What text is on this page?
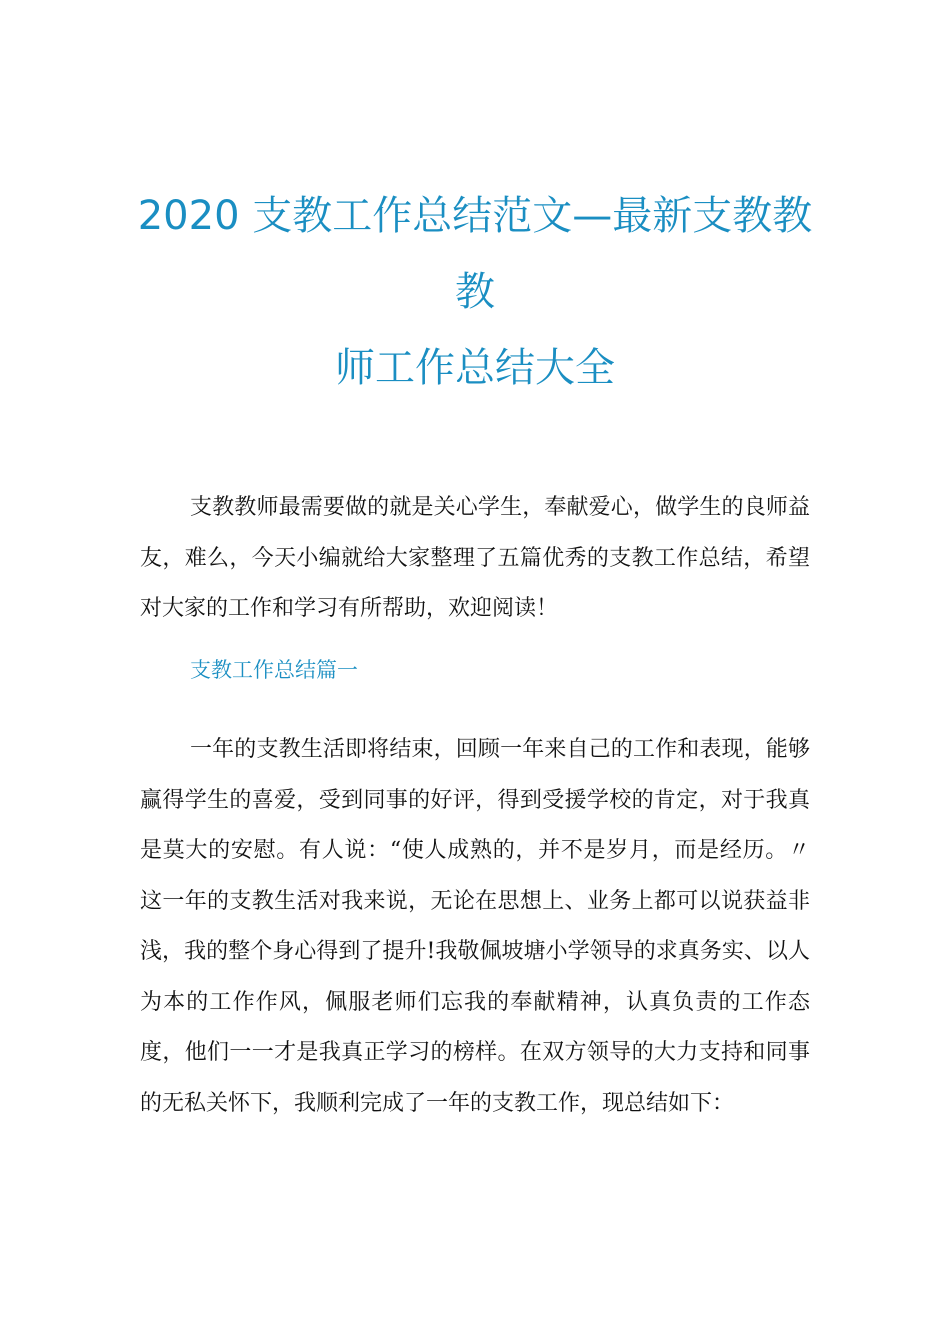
2020 支教工作总结范文—最新支教教
教
师工作总结大全

支教教师最需要做的就是关心学生，奉献爱心，做学生的良师益友，难么，今天小编就给大家整理了五篇优秀的支教工作总结，希望对大家的工作和学习有所帮助，欢迎阅读！

支教工作总结篇一

一年的支教生活即将结束，回顾一年来自己的工作和表现，能够赢得学生的喜爱，受到同事的好评，得到受援学校的肯定，对于我真是莫大的安慰。有人说：“使人成熟的，并不是岁月，而是经历。〃这一年的支教生活对我来说，无论在思想上、业务上都可以说获益非浅，我的整个身心得到了提升!我敬佩坡塘小学领导的求真务实、以人为本的工作作风，佩服老师们忘我的奉献精神，认真负责的工作态度，他们一一才是我真正学习的榜样。在双方领导的大力支持和同事的无私关怀下，我顺利完成了一年的支教工作，现总结如下：
